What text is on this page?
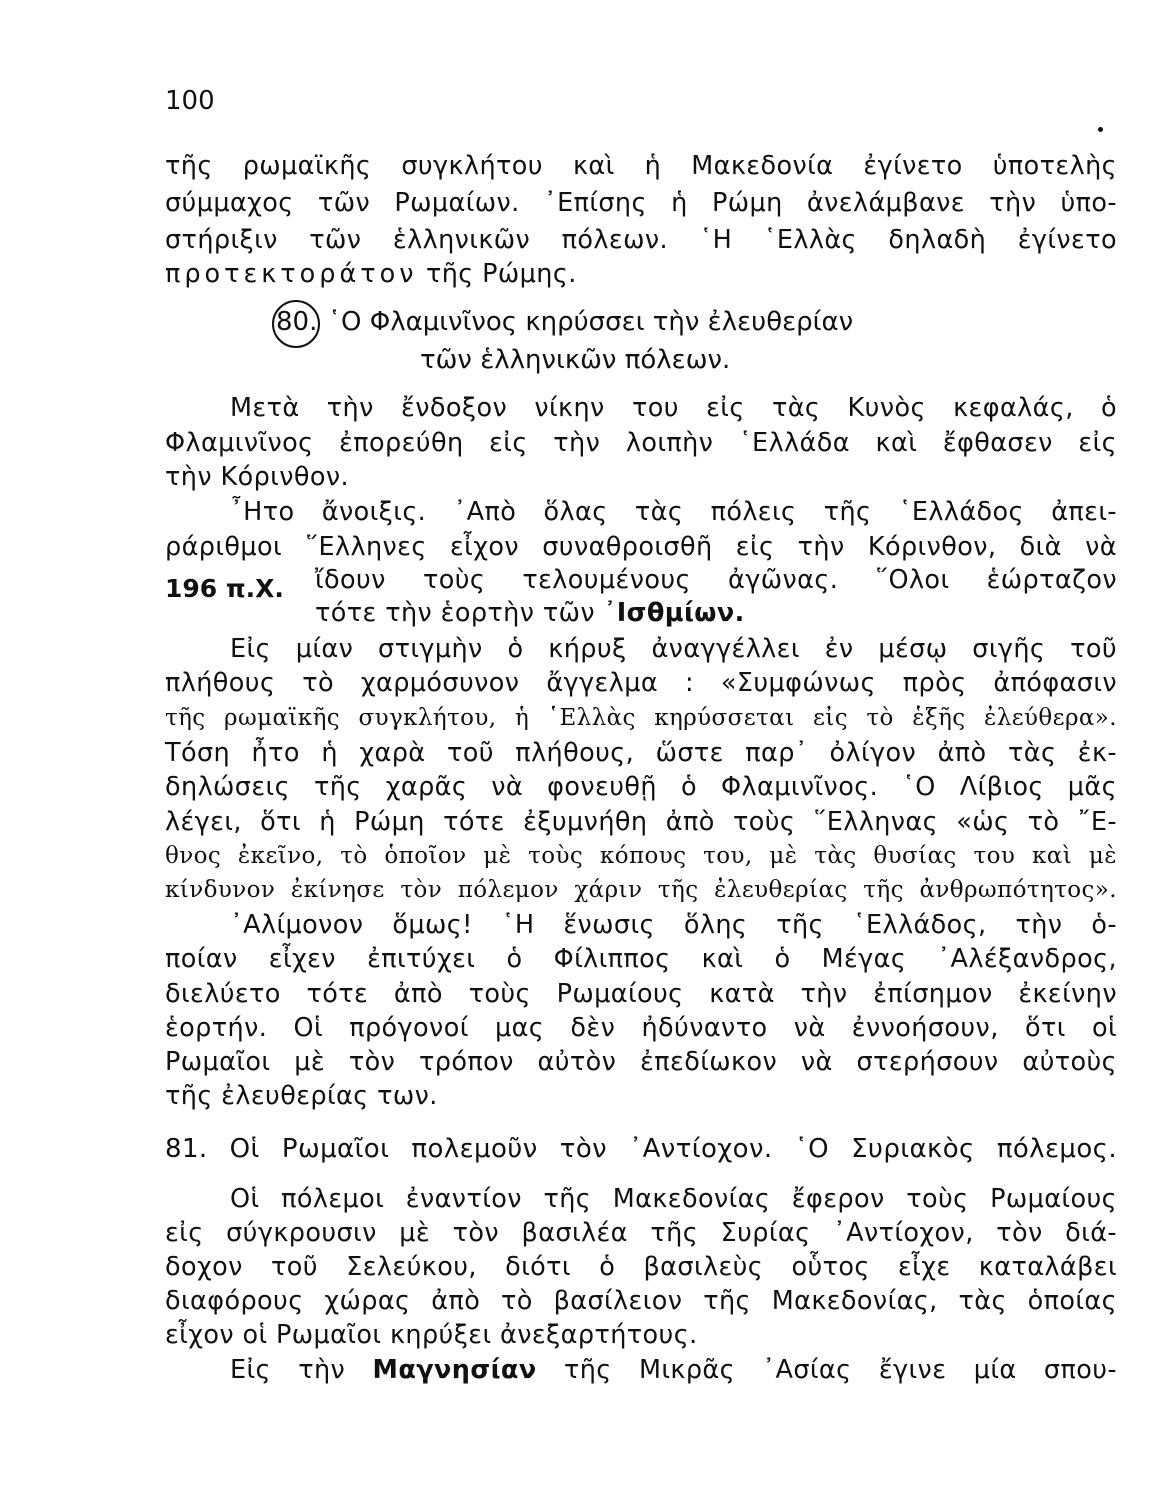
100
τῆς ρωμαϊκῆς συγκλήτου καὶ ἡ Μακεδονία ἐγίνετο ὑποτελὴς
σύμμαχος τῶν Ρωμαίων. ᾿Επίσης ἡ Ρώμη ἀνελάμβανε τὴν ὑπο-
στήριξιν τῶν ἑλληνικῶν πόλεων. ῾Η ῾Ελλὰς δηλαδὴ ἐγίνετο
προτεκτοράτον τῆς Ρώμης.
80. ῾Ο Φλαμινῖνος κηρύσσει τὴν ἐλευθερίαν
τῶν ἑλληνικῶν πόλεων.
Μετὰ τὴν ἔνδοξον νίκην του εἰς τὰς Κυνὸς κεφαλάς, ὁ
Φλαμινῖνος ἐπορεύθη εἰς τὴν λοιπὴν ῾Ελλάδα καὶ ἔφθασεν εἰς
τὴν Κόρινθον.
῏Ητο ἄνοιξις. ᾿Απὸ ὅλας τὰς πόλεις τῆς ῾Ελλάδος ἀπει-
ράριθμοι ῞Ελληνες εἶχον συναθροισθῆ εἰς τὴν Κόρινθον, διὰ νὰ
ἴδουν τοὺς τελουμένους ἀγῶνας. ῞Ολοι ἑώρταζον
196 π.Χ.
τότε τὴν ἑορτὴν τῶν ᾿Ισθμίων.
Εἰς μίαν στιγμὴν ὁ κήρυξ ἀναγγέλλει ἐν μέσῳ σιγῆς τοῦ
πλήθους τὸ χαρμόσυνον ἄγγελμα : «Συμφώνως πρὸς ἀπόφασιν
τῆς ρωμαϊκῆς συγκλήτου, ἡ ῾Ελλὰς κηρύσσεται εἰς τὸ ἑξῆς ἐλεύθερα».
Τόση ἦτο ἡ χαρὰ τοῦ πλήθους, ὥστε παρ᾿ ὀλίγον ἀπὸ τὰς ἐκ-
δηλώσεις τῆς χαρᾶς νὰ φονευθῇ ὁ Φλαμινῖνος. ῾Ο Λίβιος μᾶς
λέγει, ὅτι ἡ Ρώμη τότε ἐξυμνήθη ἀπὸ τοὺς ῞Ελληνας «ὡς τὸ ῎Ε-
θνος ἐκεῖνο, τὸ ὁποῖον μὲ τοὺς κόπους του, μὲ τὰς θυσίας του καὶ μὲ
κίνδυνον ἐκίνησε τὸν πόλεμον χάριν τῆς ἐλευθερίας τῆς ἀνθρωπότητος».
᾿Αλίμονον ὅμως! ῾Η ἕνωσις ὅλης τῆς ῾Ελλάδος, τὴν ὁ-
ποίαν εἶχεν ἐπιτύχει ὁ Φίλιππος καὶ ὁ Μέγας ᾿Αλέξανδρος,
διελύετο τότε ἀπὸ τοὺς Ρωμαίους κατὰ τὴν ἐπίσημον ἐκείνην
ἑορτήν. Οἱ πρόγονοί μας δὲν ἠδύναντο νὰ ἐννοήσουν, ὅτι οἱ
Ρωμαῖοι μὲ τὸν τρόπον αὐτὸν ἐπεδίωκον νὰ στερήσουν αὐτοὺς
τῆς ἐλευθερίας των.
81. Οἱ Ρωμαῖοι πολεμοῦν τὸν ᾿Αντίοχον. ῾Ο Συριακὸς πόλεμος.
Οἱ πόλεμοι ἐναντίον τῆς Μακεδονίας ἔφερον τοὺς Ρωμαίους
εἰς σύγκρουσιν μὲ τὸν βασιλέα τῆς Συρίας ᾿Αντίοχον, τὸν διά-
δοχον τοῦ Σελεύκου, διότι ὁ βασιλεὺς οὗτος εἶχε καταλάβει
διαφόρους χώρας ἀπὸ τὸ βασίλειον τῆς Μακεδονίας, τὰς ὁποίας
εἶχον οἱ Ρωμαῖοι κηρύξει ἀνεξαρτήτους.
Εἰς τὴν Μαγνησίαν τῆς Μικρᾶς ᾿Ασίας ἔγινε μία σπου-
